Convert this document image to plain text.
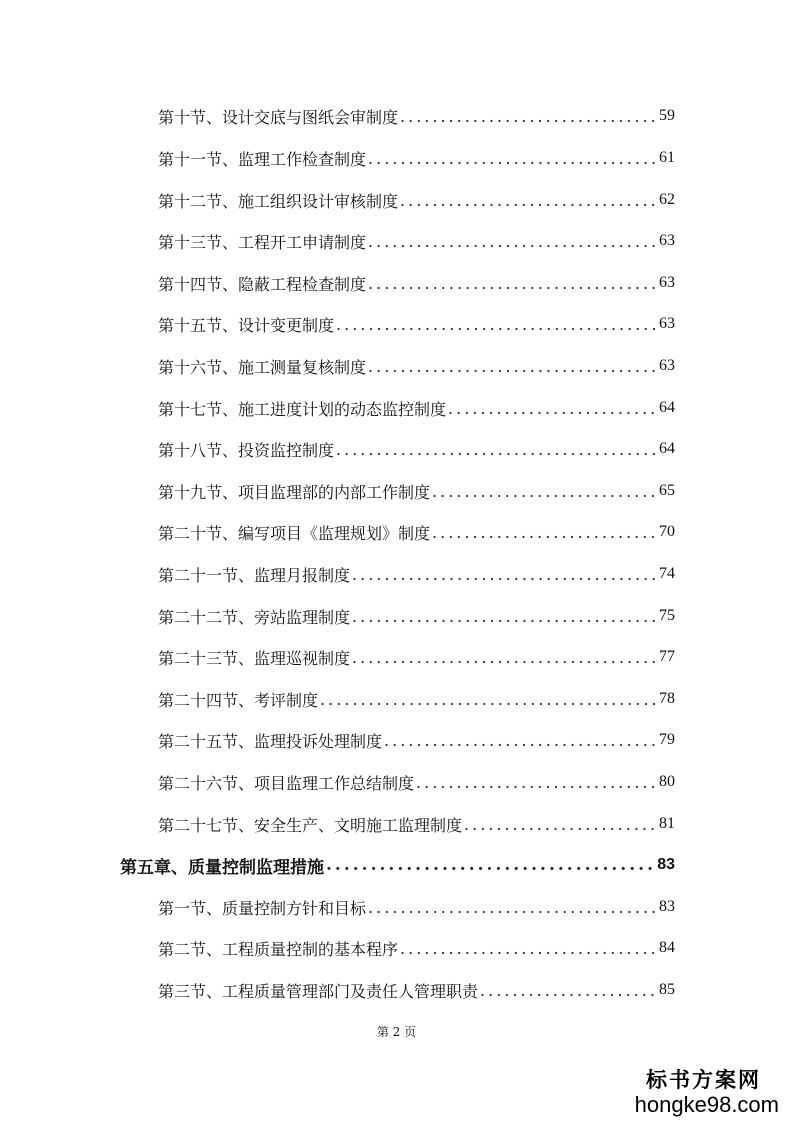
第十节、设计交底与图纸会审制度 .....	59
第十一节、监理工作检查制度 .....	61
第十二节、施工组织设计审核制度 .....	62
第十三节、工程开工申请制度 .....	63
第十四节、隐蔽工程检查制度 .....	63
第十五节、设计变更制度 .....	63
第十六节、施工测量复核制度 .....	63
第十七节、施工进度计划的动态监控制度 .....	64
第十八节、投资监控制度 .....	64
第十九节、项目监理部的内部工作制度 .....	65
第二十节、编写项目《监理规划》制度 .....	70
第二十一节、监理月报制度 .....	74
第二十二节、旁站监理制度 .....	75
第二十三节、监理巡视制度 .....	77
第二十四节、考评制度 .....	78
第二十五节、监理投诉处理制度 .....	79
第二十六节、项目监理工作总结制度 .....	80
第二十七节、安全生产、文明施工监理制度 .....	81
第五章、质量控制监理措施 .....	83
第一节、质量控制方针和目标 .....	83
第二节、工程质量控制的基本程序 .....	84
第三节、工程质量管理部门及责任人管理职责 .....	85
第 2 页
标书方案网
hongke98.com
